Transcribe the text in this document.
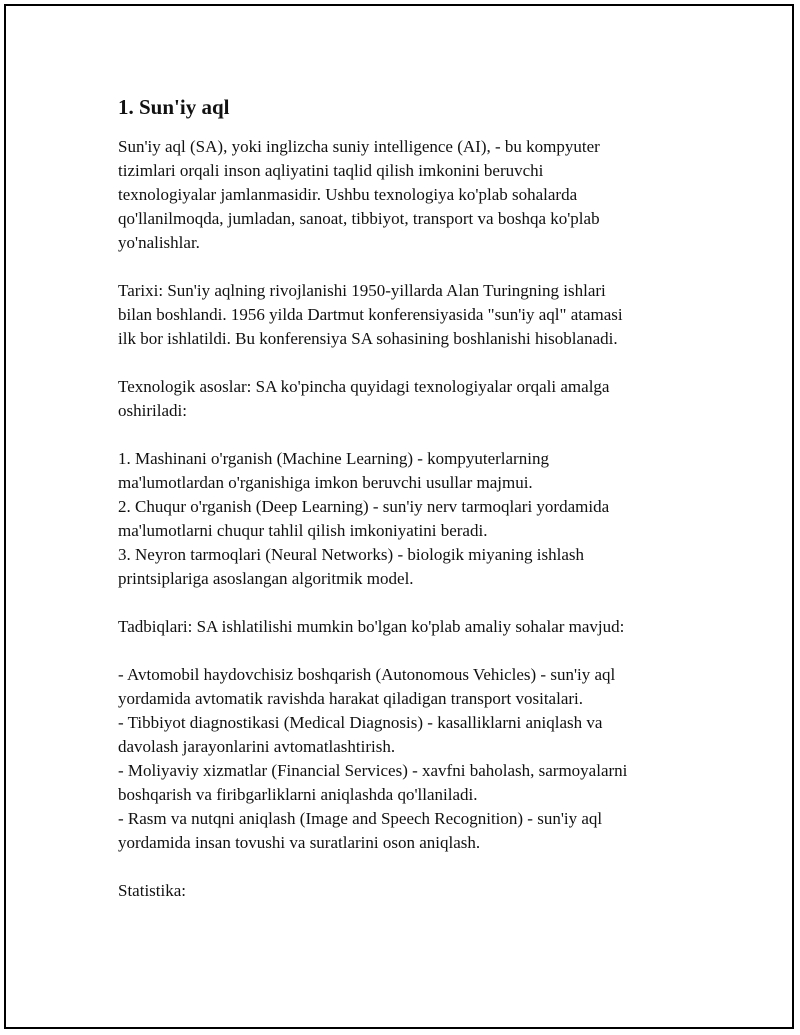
1. Sun'iy aql
Sun'iy aql (SA), yoki inglizcha suniy intelligence (AI), - bu kompyuter
tizimlari orqali inson aqliyatini taqlid qilish imkonini beruvchi
texnologiyalar jamlanmasidir. Ushbu texnologiya ko'plab sohalarda
qo'llanilmoqda, jumladan, sanoat, tibbiyot, transport va boshqa ko'plab
yo'nalishlar.
Tarixi: Sun'iy aqlning rivojlanishi 1950-yillarda Alan Turingning ishlari
bilan boshlandi. 1956 yilda Dartmut konferensiyasida "sun'iy aql" atamasi
ilk bor ishlatildi. Bu konferensiya SA sohasining boshlanishi hisoblanadi.
Texnologik asoslar: SA ko'pincha quyidagi texnologiyalar orqali amalga
oshiriladi:
1. Mashinani o'rganish (Machine Learning) - kompyuterlarning
ma'lumotlardan o'rganishiga imkon beruvchi usullar majmui.
2. Chuqur o'rganish (Deep Learning) - sun'iy nerv tarmoqlari yordamida
ma'lumotlarni chuqur tahlil qilish imkoniyatini beradi.
3. Neyron tarmoqlari (Neural Networks) - biologik miyaning ishlash
printsiplariga asoslangan algoritmik model.
Tadbiqlari: SA ishlatilishi mumkin bo'lgan ko'plab amaliy sohalar mavjud:
- Avtomobil haydovchisiz boshqarish (Autonomous Vehicles) - sun'iy aql
yordamida avtomatik ravishda harakat qiladigan transport vositalari.
- Tibbiyot diagnostikasi (Medical Diagnosis) - kasalliklarni aniqlash va
davolash jarayonlarini avtomatlashtirish.
- Moliyaviy xizmatlar (Financial Services) - xavfni baholash, sarmoyalarni
boshqarish va firibgarliklarni aniqlashda qo'llaniladi.
- Rasm va nutqni aniqlash (Image and Speech Recognition) - sun'iy aql
yordamida insan tovushi va suratlarini oson aniqlash.
Statistika:
